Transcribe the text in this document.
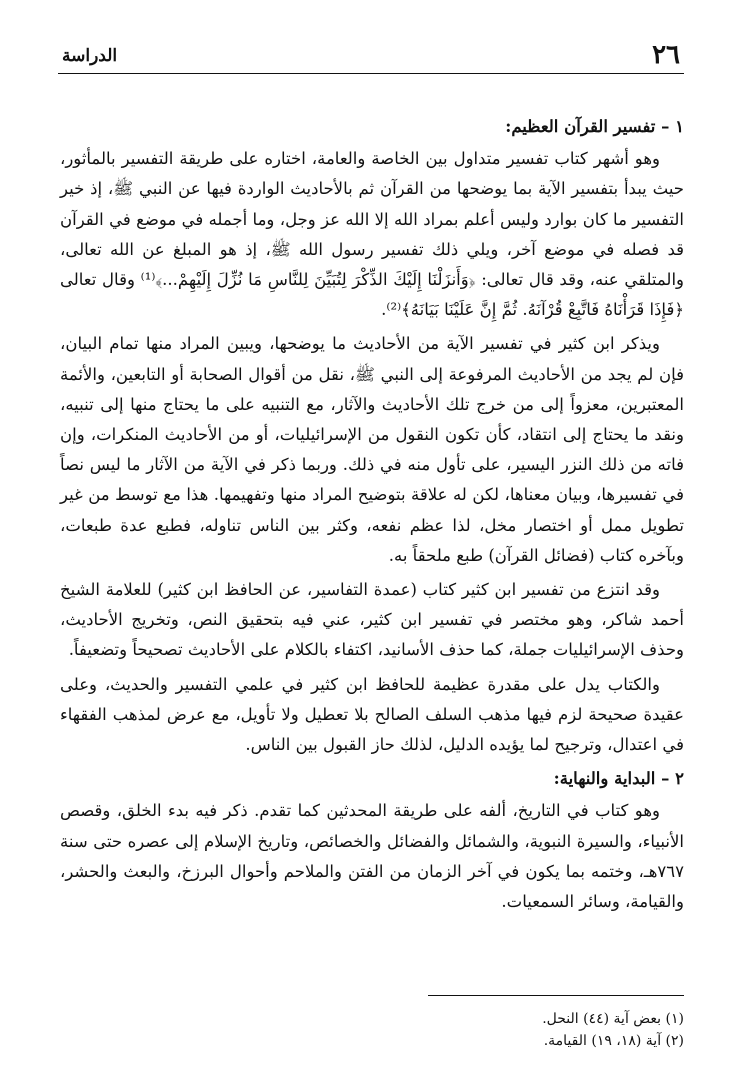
٢٦
الدراسة

١ – تفسير القرآن العظيم:

وهو أشهر كتاب تفسير متداول بين الخاصة والعامة، اختاره على طريقة التفسير بالمأثور، حيث يبدأ بتفسير الآية بما يوضحها من القرآن ثم بالأحاديث الواردة فيها عن النبي ﷺ، إذ خير التفسير ما كان بوارد وليس أعلم بمراد الله إلا الله عز وجل، وما أجمله في موضع في القرآن قد فصله في موضع آخر، ويلي ذلك تفسير رسول الله ﷺ، إذ هو المبلغ عن الله تعالى، والمتلقي عنه، وقد قال تعالى: ﴿وَأَنزَلْنَا إِلَيْكَ الذِّكْرَ لِتُبَيِّنَ لِلنَّاسِ مَا نُزِّلَ إِلَيْهِمْ...﴾⁽¹⁾ وقال تعالى ﴿فَإِذَا قَرَأْنَاهُ فَاتَّبِعْ قُرْآنَهُ. ثُمَّ إِنَّ عَلَيْنَا بَيَانَهُ﴾⁽²⁾.

ويذكر ابن كثير في تفسير الآية من الأحاديث ما يوضحها، ويبين المراد منها تمام البيان، فإن لم يجد من الأحاديث المرفوعة إلى النبي ﷺ، نقل من أقوال الصحابة أو التابعين، والأئمة المعتبرين، معزواً إلى من خرج تلك الأحاديث والآثار، مع التنبيه على ما يحتاج منها إلى تنبيه، ونقد ما يحتاج إلى انتقاد، كأن تكون النقول من الإسرائيليات، أو من الأحاديث المنكرات، وإن فاته من ذلك النزر اليسير، على تأول منه في ذلك. وربما ذكر في الآية من الآثار ما ليس نصاً في تفسيرها، وبيان معناها، لكن له علاقة بتوضيح المراد منها وتفهيمها. هذا مع توسط من غير تطويل ممل أو اختصار مخل، لذا عظم نفعه، وكثر بين الناس تناوله، فطبع عدة طبعات، وبآخره كتاب (فضائل القرآن) طبع ملحقاً به.

وقد انتزع من تفسير ابن كثير كتاب (عمدة التفاسير، عن الحافظ ابن كثير) للعلامة الشيخ أحمد شاكر، وهو مختصر في تفسير ابن كثير، عني فيه بتحقيق النص، وتخريج الأحاديث، وحذف الإسرائيليات جملة، كما حذف الأسانيد، اكتفاء بالكلام على الأحاديث تصحيحاً وتضعيفاً.

والكتاب يدل على مقدرة عظيمة للحافظ ابن كثير في علمي التفسير والحديث، وعلى عقيدة صحيحة لزم فيها مذهب السلف الصالح بلا تعطيل ولا تأويل، مع عرض لمذهب الفقهاء في اعتدال، وترجيح لما يؤيده الدليل، لذلك حاز القبول بين الناس.

٢ – البداية والنهاية:

وهو كتاب في التاريخ، ألفه على طريقة المحدثين كما تقدم. ذكر فيه بدء الخلق، وقصص الأنبياء، والسيرة النبوية، والشمائل والفضائل والخصائص، وتاريخ الإسلام إلى عصره حتى سنة ٧٦٧هـ، وختمه بما يكون في آخر الزمان من الفتن والملاحم وأحوال البرزخ، والبعث والحشر، والقيامة، وسائر السمعيات.

(١) بعض آية (٤٤) النحل.
(٢) آية (١٨، ١٩) القيامة.
